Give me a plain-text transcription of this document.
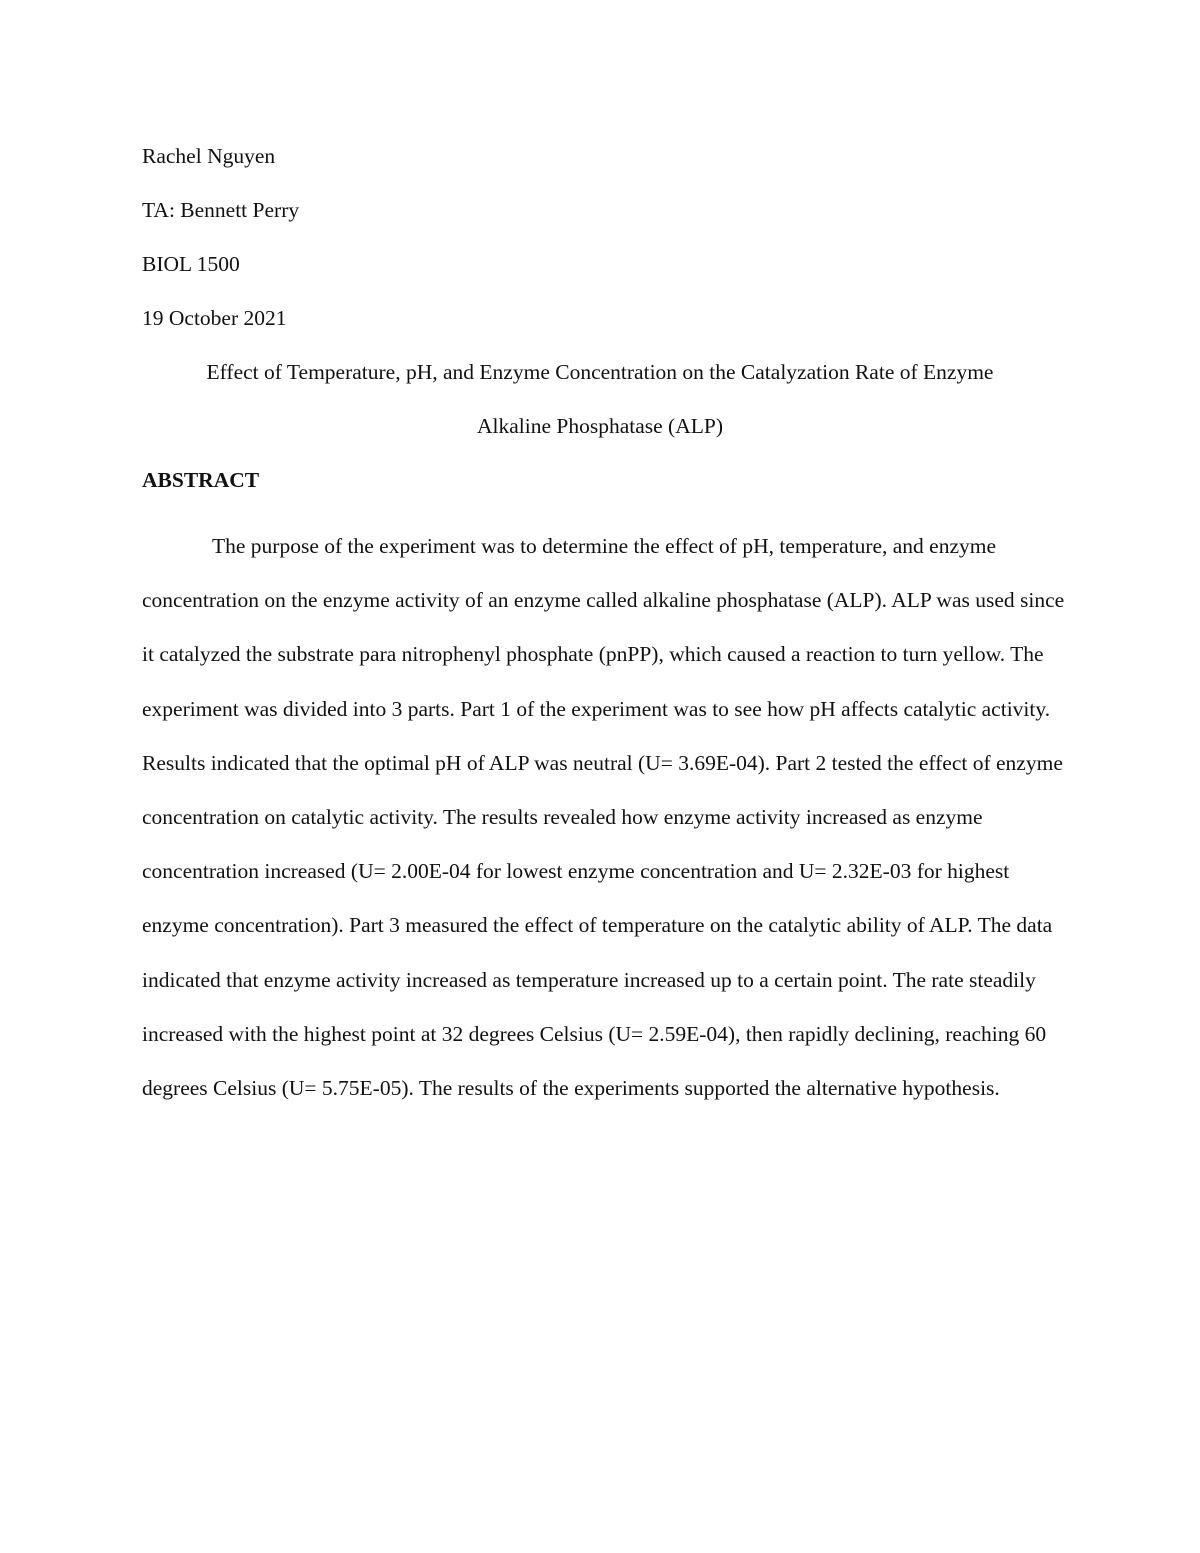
Rachel Nguyen
TA: Bennett Perry
BIOL 1500
19 October 2021
Effect of Temperature, pH, and Enzyme Concentration on the Catalyzation Rate of Enzyme
Alkaline Phosphatase (ALP)
ABSTRACT

The purpose of the experiment was to determine the effect of pH, temperature, and enzyme concentration on the enzyme activity of an enzyme called alkaline phosphatase (ALP). ALP was used since it catalyzed the substrate para nitrophenyl phosphate (pnPP), which caused a reaction to turn yellow. The experiment was divided into 3 parts. Part 1 of the experiment was to see how pH affects catalytic activity. Results indicated that the optimal pH of ALP was neutral (U= 3.69E-04). Part 2 tested the effect of enzyme concentration on catalytic activity. The results revealed how enzyme activity increased as enzyme concentration increased (U= 2.00E-04 for lowest enzyme concentration and U= 2.32E-03 for highest enzyme concentration). Part 3 measured the effect of temperature on the catalytic ability of ALP. The data indicated that enzyme activity increased as temperature increased up to a certain point. The rate steadily increased with the highest point at 32 degrees Celsius (U= 2.59E-04), then rapidly declining, reaching 60 degrees Celsius (U= 5.75E-05). The results of the experiments supported the alternative hypothesis.
